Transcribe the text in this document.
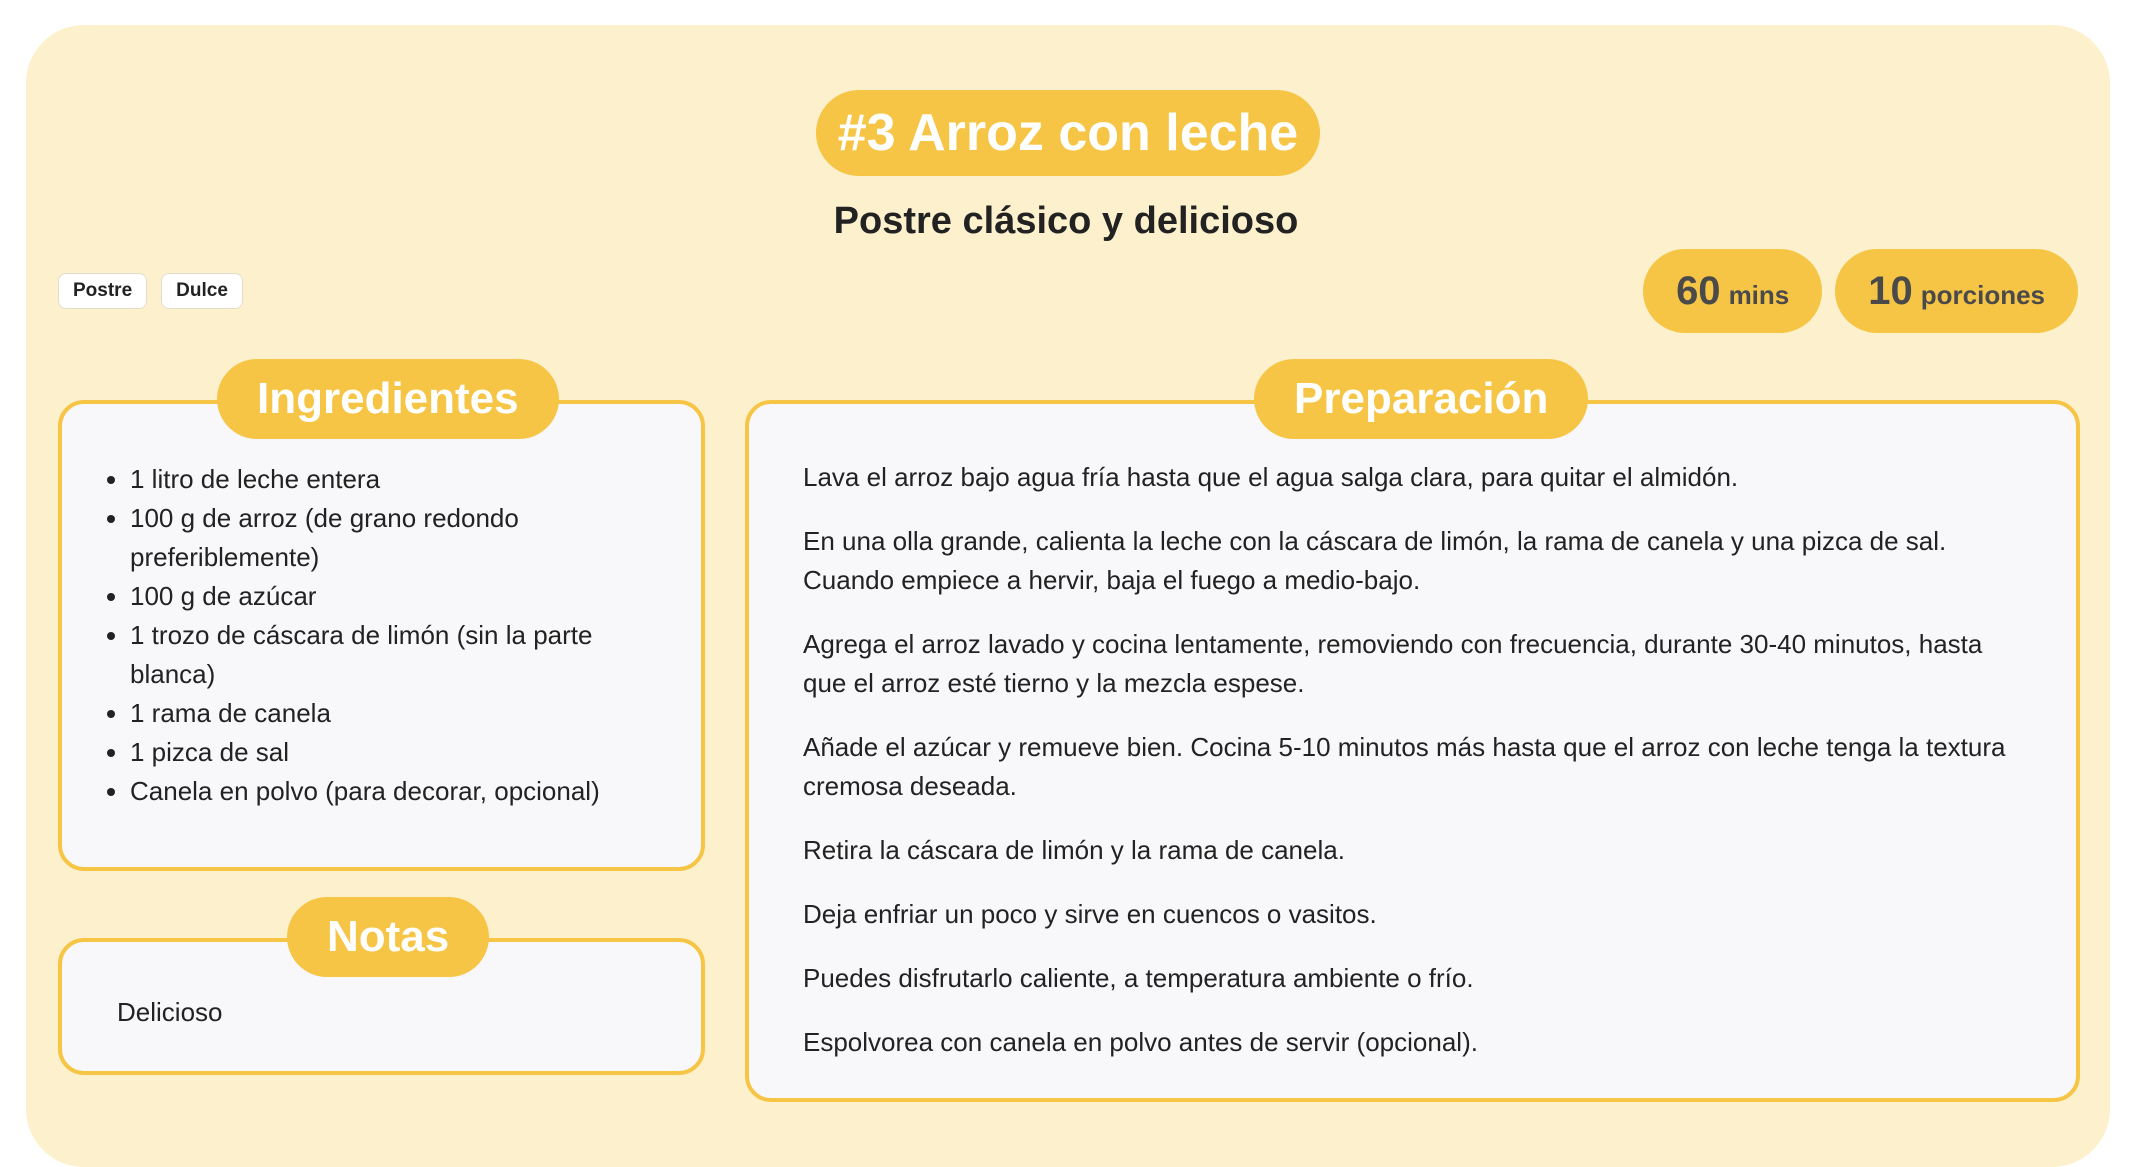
#3 Arroz con leche
Postre clásico y delicioso
Postre	Dulce	60 mins 10 porciones
Ingredientes
• 1 litro de leche entera
• 100 g de arroz (de grano redondo preferiblemente)
• 100 g de azúcar
• 1 trozo de cáscara de limón (sin la parte blanca)
• 1 rama de canela
• 1 pizca de sal
• Canela en polvo (para decorar, opcional)
Notas
Delicioso
Preparación

Lava el arroz bajo agua fría hasta que el agua salga clara, para quitar el almidón.

En una olla grande, calienta la leche con la cáscara de limón, la rama de canela y una pizca de sal. Cuando empiece a hervir, baja el fuego a medio-bajo.

Agrega el arroz lavado y cocina lentamente, removiendo con frecuencia, durante 30-40 minutos, hasta que el arroz esté tierno y la mezcla espese.

Añade el azúcar y remueve bien. Cocina 5-10 minutos más hasta que el arroz con leche tenga la textura cremosa deseada.

Retira la cáscara de limón y la rama de canela.

Deja enfriar un poco y sirve en cuencos o vasitos.

Puedes disfrutarlo caliente, a temperatura ambiente o frío.

Espolvorea con canela en polvo antes de servir (opcional).
